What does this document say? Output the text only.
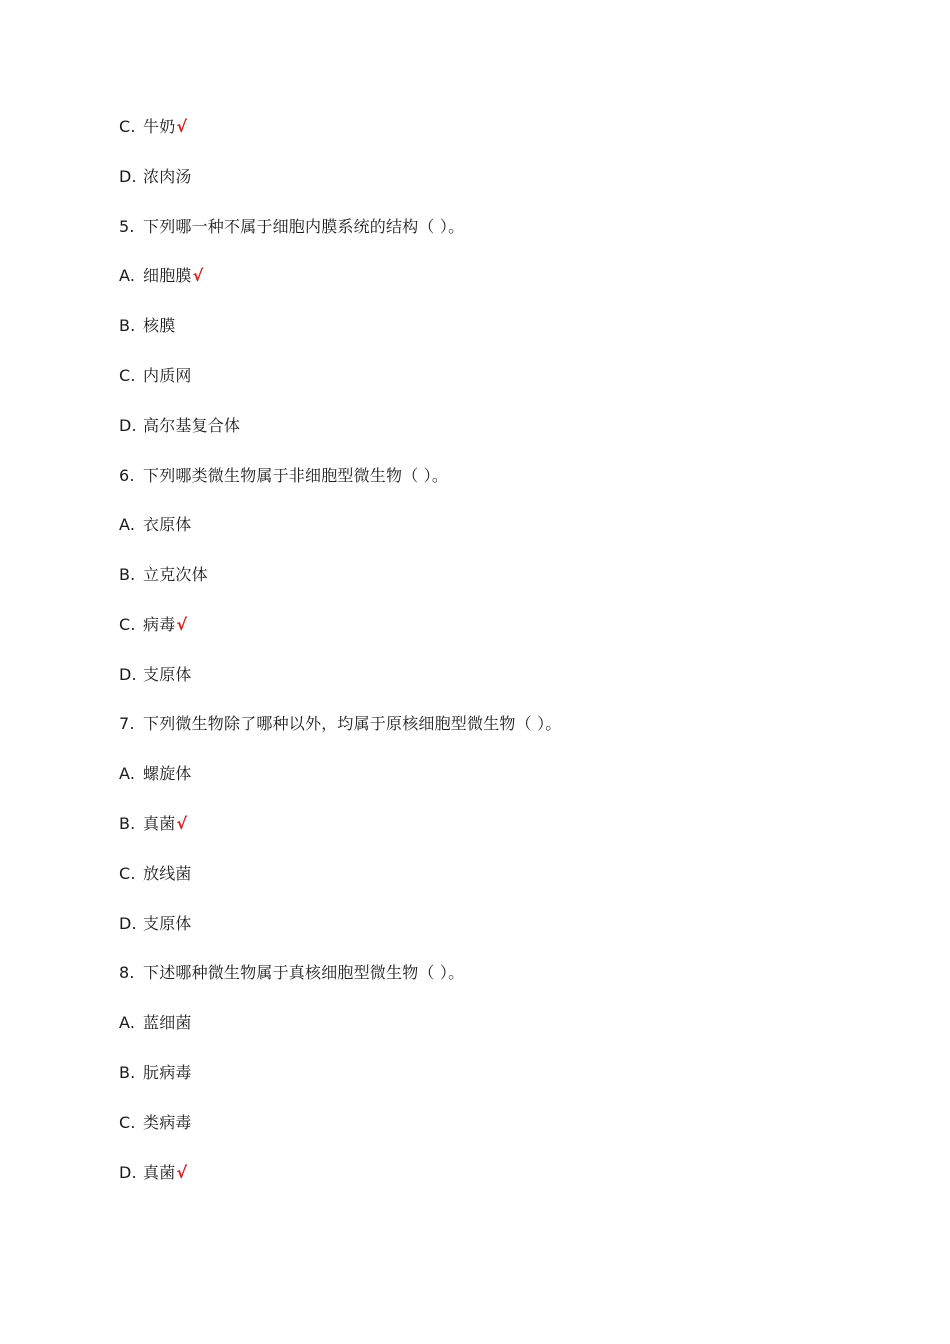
C. 牛奶√
D. 浓肉汤
5. 下列哪一种不属于细胞内膜系统的结构（ ）。
A. 细胞膜√
B. 核膜
C. 内质网
D. 高尔基复合体
6. 下列哪类微生物属于非细胞型微生物（ ）。
A. 衣原体
B. 立克次体
C. 病毒√
D. 支原体
7. 下列微生物除了哪种以外，均属于原核细胞型微生物（ ）。
A. 螺旋体
B. 真菌√
C. 放线菌
D. 支原体
8. 下述哪种微生物属于真核细胞型微生物（ ）。
A. 蓝细菌
B. 朊病毒
C. 类病毒
D. 真菌√
